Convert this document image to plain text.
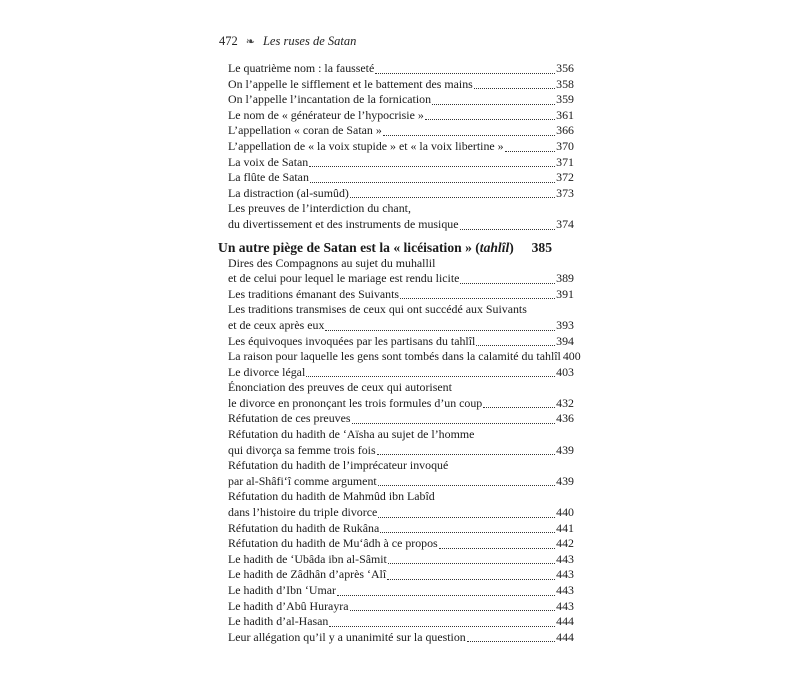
472 ❧ Les ruses de Satan
Le quatrième nom : la fausseté	356
On l’appelle le sifflement et le battement des mains	358
On l’appelle l’incantation de la fornication	359
Le nom de « générateur de l’hypocrisie »	361
L’appellation « coran de Satan »	366
L’appellation de « la voix stupide » et « la voix libertine »	370
La voix de Satan	371
La flûte de Satan	372
La distraction (al-sumûd)	373
Les preuves de l’interdiction du chant,
du divertissement et des instruments de musique	374
Un autre piège de Satan est la « licéisation » (tahlîl) 385
Dires des Compagnons au sujet du muhallil
et de celui pour lequel le mariage est rendu licite	389
Les traditions émanant des Suivants	391
Les traditions transmises de ceux qui ont succédé aux Suivants
et de ceux après eux	393
Les équivoques invoquées par les partisans du tahlîl	394
La raison pour laquelle les gens sont tombés dans la calamité du tahlîl 400
Le divorce légal	403
Énonciation des preuves de ceux qui autorisent
le divorce en prononçant les trois formules d’un coup	432
Réfutation de ces preuves	436
Réfutation du hadith de ‘Aïsha au sujet de l’homme
qui divorça sa femme trois fois	439
Réfutation du hadith de l’imprécateur invoqué
par al-Shâfi‘î comme argument	439
Réfutation du hadith de Mahmûd ibn Labîd
dans l’histoire du triple divorce	440
Réfutation du hadith de Rukâna	441
Réfutation du hadith de Mu‘âdh à ce propos	442
Le hadith de ‘Ubâda ibn al-Sâmit	443
Le hadith de Zâdhân d’après ‘Alî	443
Le hadith d’Ibn ‘Umar	443
Le hadith d’Abû Hurayra	443
Le hadith d’al-Hasan	444
Leur allégation qu’il y a unanimité sur la question	444
